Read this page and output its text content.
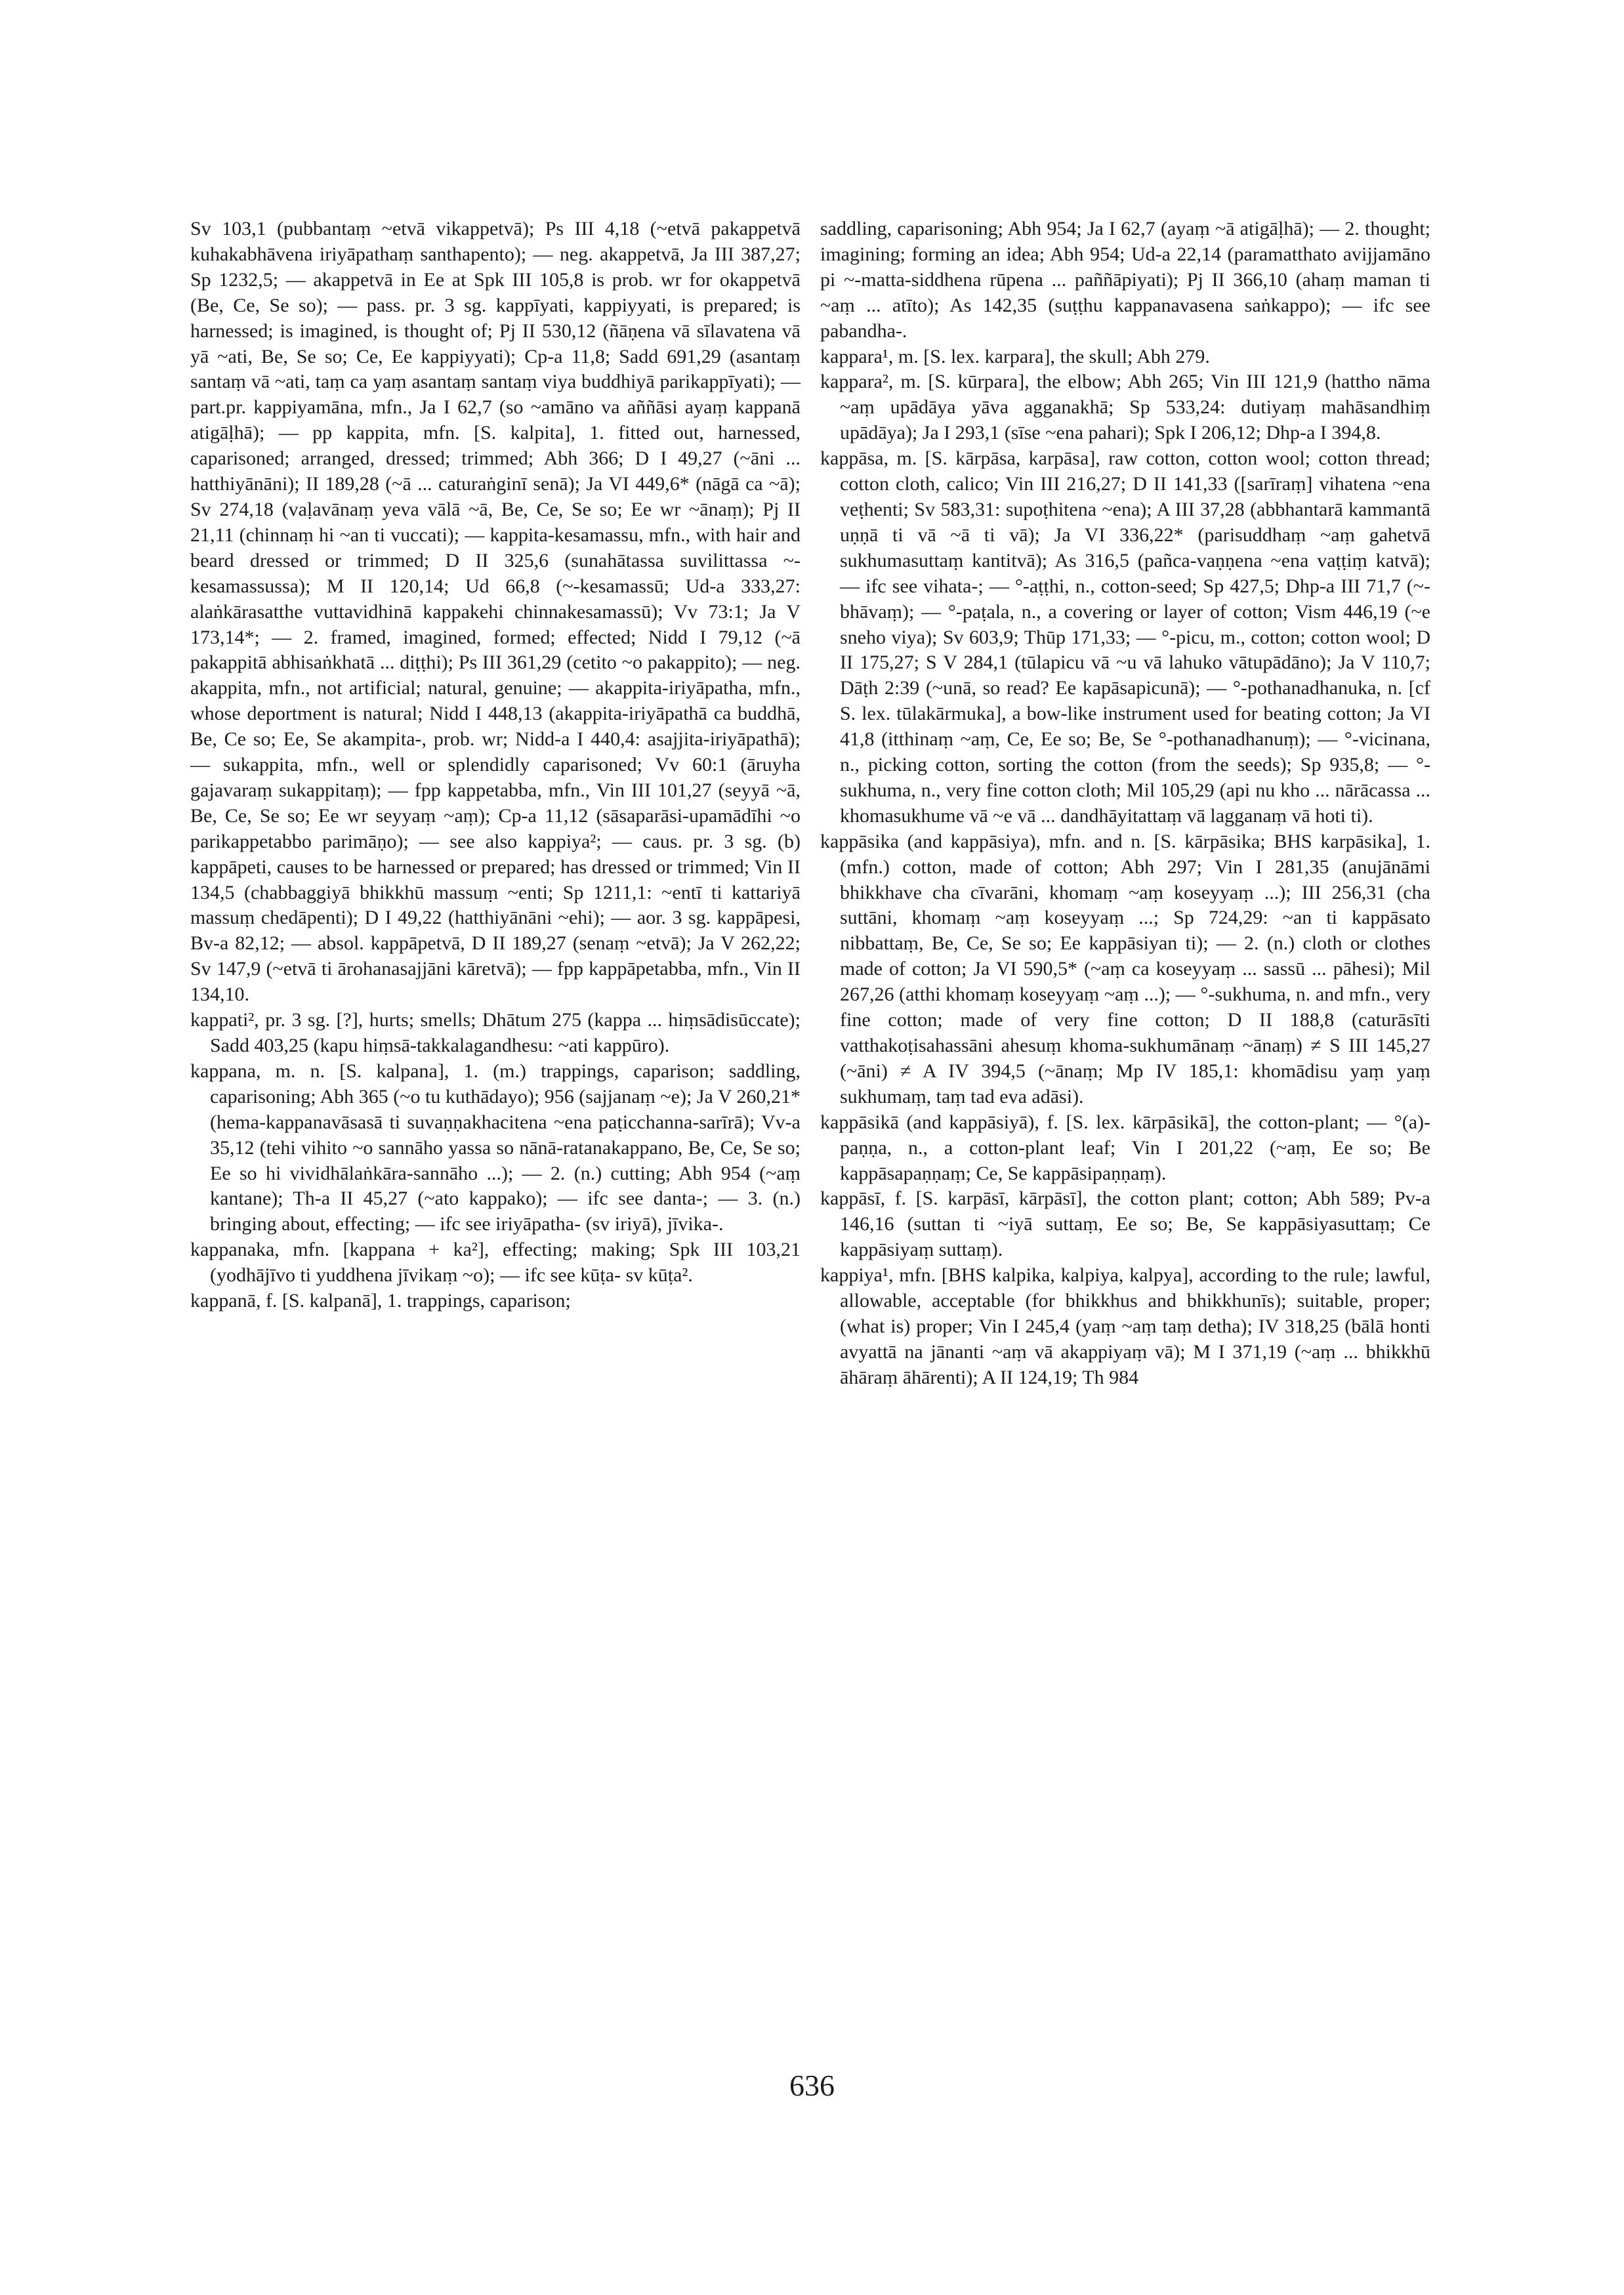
Sv 103,1 (pubbantaṃ ~etvā vikappetvā); Ps III 4,18 (~etvā pakappetvā kuhakabhāvena iriyāpathaṃ santhapento); — neg. akappetvā, Ja III 387,27; Sp 1232,5; — akappetvā in Ee at Spk III 105,8 is prob. wr for okappetvā (Be, Ce, Se so); — pass. pr. 3 sg. kappīyati, kappiyyati, is prepared; is harnessed; is imagined, is thought of; Pj II 530,12 (ñāṇena vā sīlavatena vā yā ~ati, Be, Se so; Ce, Ee kappiyyati); Cp-a 11,8; Sadd 691,29 (asantaṃ santaṃ vā ~ati, taṃ ca yaṃ asantaṃ santaṃ viya buddhiyā parikappīyati); — part.pr. kappiyamāna, mfn., Ja I 62,7 (so ~amāno va aññāsi ayaṃ kappanā atigāḷhā); — pp kappita, mfn. [S. kalpita], 1. fitted out, harnessed, caparisoned; arranged, dressed; trimmed; Abh 366; D I 49,27 (~āni ... hatthiyānāni); II 189,28 (~ā ... caturaṅginī senā); Ja VI 449,6* (nāgā ca ~ā); Sv 274,18 (vaḷavānaṃ yeva vālā ~ā, Be, Ce, Se so; Ee wr ~ānaṃ); Pj II 21,11 (chinnaṃ hi ~an ti vuccati); — kappita-kesamassu, mfn., with hair and beard dressed or trimmed; D II 325,6 (sunahātassa suvilittassa ~-kesamassussa); M II 120,14; Ud 66,8 (~-kesamassū; Ud-a 333,27: alaṅkārasatthe vuttavidhinā kappakehi chinnakesamassū); Vv 73:1; Ja V 173,14*; — 2. framed, imagined, formed; effected; Nidd I 79,12 (~ā pakappitā abhisaṅkhatā ... diṭṭhi); Ps III 361,29 (cetito ~o pakappito); — neg. akappita, mfn., not artificial; natural, genuine; — akappita-iriyāpatha, mfn., whose deportment is natural; Nidd I 448,13 (akappita-iriyāpathā ca buddhā, Be, Ce so; Ee, Se akampita-, prob. wr; Nidd-a I 440,4: asajjita-iriyāpathā); — sukappita, mfn., well or splendidly caparisoned; Vv 60:1 (āruyha gajavaraṃ sukappitaṃ); — fpp kappetabba, mfn., Vin III 101,27 (seyyā ~ā, Be, Ce, Se so; Ee wr seyyaṃ ~aṃ); Cp-a 11,12 (sāsaparāsi-upamādīhi ~o parikappetabbo parimāṇo); — see also kappiya²; — caus. pr. 3 sg. (b) kappāpeti, causes to be harnessed or prepared; has dressed or trimmed; Vin II 134,5 (chabbaggiyā bhikkhū massuṃ ~enti; Sp 1211,1: ~entī ti kattariyā massuṃ chedāpenti); D I 49,22 (hatthiyānāni ~ehi); — aor. 3 sg. kappāpesi, Bv-a 82,12; — absol. kappāpetvā, D II 189,27 (senaṃ ~etvā); Ja V 262,22; Sv 147,9 (~etvā ti ārohanasajjāni kāretvā); — fpp kappāpetabba, mfn., Vin II 134,10.

kappati², pr. 3 sg. [?], hurts; smells; Dhātum 275 (kappa ... hiṃsādisūccate); Sadd 403,25 (kapu hiṃsā-takkalagandhesu: ~ati kappūro).

kappana, m. n. [S. kalpana], 1. (m.) trappings, caparison; saddling, caparisoning; Abh 365 (~o tu kuthādayo); 956 (sajjanaṃ ~e); Ja V 260,21* (hema-kappanavāsasā ti suvaṇṇakhacitena ~ena paṭicchanna-sarīrā); Vv-a 35,12 (tehi vihito ~o sannāho yassa so nānā-ratanakappano, Be, Ce, Se so; Ee so hi vividhālaṅkāra-sannāho ...); — 2. (n.) cutting; Abh 954 (~aṃ kantane); Th-a II 45,27 (~ato kappako); — ifc see danta-; — 3. (n.) bringing about, effecting; — ifc see iriyāpatha- (sv iriyā), jīvika-.

kappanaka, mfn. [kappana + ka²], effecting; making; Spk III 103,21 (yodhājīvo ti yuddhena jīvikaṃ ~o); — ifc see kūṭa- sv kūṭa².

kappanā, f. [S. kalpanā], 1. trappings, caparison;

saddling, caparisoning; Abh 954; Ja I 62,7 (ayaṃ ~ā atigāḷhā); — 2. thought; imagining; forming an idea; Abh 954; Ud-a 22,14 (paramatthato avijjamāno pi ~-matta-siddhena rūpena ... paññāpiyati); Pj II 366,10 (ahaṃ maman ti ~aṃ ... atīto); As 142,35 (suṭṭhu kappanavasena saṅkappo); — ifc see pabandha-.

kappara¹, m. [S. lex. karpara], the skull; Abh 279.

kappara², m. [S. kūrpara], the elbow; Abh 265; Vin III 121,9 (hattho nāma ~aṃ upādāya yāva agganakhā; Sp 533,24: dutiyaṃ mahāsandhiṃ upādāya); Ja I 293,1 (sīse ~ena pahari); Spk I 206,12; Dhp-a I 394,8.

kappāsa, m. [S. kārpāsa, karpāsa], raw cotton, cotton wool; cotton thread; cotton cloth, calico; Vin III 216,27; D II 141,33 ([sarīraṃ] vihatena ~ena veṭhenti; Sv 583,31: supoṭhitena ~ena); A III 37,28 (abbhantarā kammantā uṇṇā ti vā ~ā ti vā); Ja VI 336,22* (parisuddhaṃ ~aṃ gahetvā sukhumasuttaṃ kantitvā); As 316,5 (pañca-vaṇṇena ~ena vaṭṭiṃ katvā); — ifc see vihata-; — °-aṭṭhi, n., cotton-seed; Sp 427,5; Dhp-a III 71,7 (~-bhāvaṃ); — °-paṭala, n., a covering or layer of cotton; Vism 446,19 (~e sneho viya); Sv 603,9; Thūp 171,33; — °-picu, m., cotton; cotton wool; D II 175,27; S V 284,1 (tūlapicu vā ~u vā lahuko vātupādāno); Ja V 110,7; Dāṭh 2:39 (~unā, so read? Ee kapāsapicunā); — °-pothanadhanuka, n. [cf S. lex. tūlakārmuka], a bow-like instrument used for beating cotton; Ja VI 41,8 (itthinaṃ ~aṃ, Ce, Ee so; Be, Se °-pothanadhanuṃ); — °-vicinana, n., picking cotton, sorting the cotton (from the seeds); Sp 935,8; — °-sukhuma, n., very fine cotton cloth; Mil 105,29 (api nu kho ... nārācassa ... khomasukhume vā ~e vā ... dandhāyitattaṃ vā lagganaṃ vā hoti ti).

kappāsika (and kappāsiya), mfn. and n. [S. kārpāsika; BHS karpāsika], 1. (mfn.) cotton, made of cotton; Abh 297; Vin I 281,35 (anujānāmi bhikkhave cha cīvarāni, khomaṃ ~aṃ koseyyaṃ ...); III 256,31 (cha suttāni, khomaṃ ~aṃ koseyyaṃ ...; Sp 724,29: ~an ti kappāsato nibbattaṃ, Be, Ce, Se so; Ee kappāsiyan ti); — 2. (n.) cloth or clothes made of cotton; Ja VI 590,5* (~aṃ ca koseyyaṃ ... sassū ... pāhesi); Mil 267,26 (atthi khomaṃ koseyyaṃ ~aṃ ...); — °-sukhuma, n. and mfn., very fine cotton; made of very fine cotton; D II 188,8 (caturāsīti vatthakoṭisahassāni ahesuṃ khoma-sukhumānaṃ ~ānaṃ) ≠ S III 145,27 (~āni) ≠ A IV 394,5 (~ānaṃ; Mp IV 185,1: khomādisu yaṃ yaṃ sukhumaṃ, taṃ tad eva adāsi).

kappāsikā (and kappāsiyā), f. [S. lex. kārpāsikā], the cotton-plant; — °(a)-paṇṇa, n., a cotton-plant leaf; Vin I 201,22 (~aṃ, Ee so; Be kappāsapaṇṇaṃ; Ce, Se kappāsipaṇṇaṃ).

kappāsī, f. [S. karpāsī, kārpāsī], the cotton plant; cotton; Abh 589; Pv-a 146,16 (suttan ti ~iyā suttaṃ, Ee so; Be, Se kappāsiyasuttaṃ; Ce kappāsiyaṃ suttaṃ).

kappiya¹, mfn. [BHS kalpika, kalpiya, kalpya], according to the rule; lawful, allowable, acceptable (for bhikkhus and bhikkhunīs); suitable, proper; (what is) proper; Vin I 245,4 (yaṃ ~aṃ taṃ detha); IV 318,25 (bālā honti avyattā na jānanti ~aṃ vā akappiyaṃ vā); M I 371,19 (~aṃ ... bhikkhū āhāraṃ āhārenti); A II 124,19; Th 984

636
